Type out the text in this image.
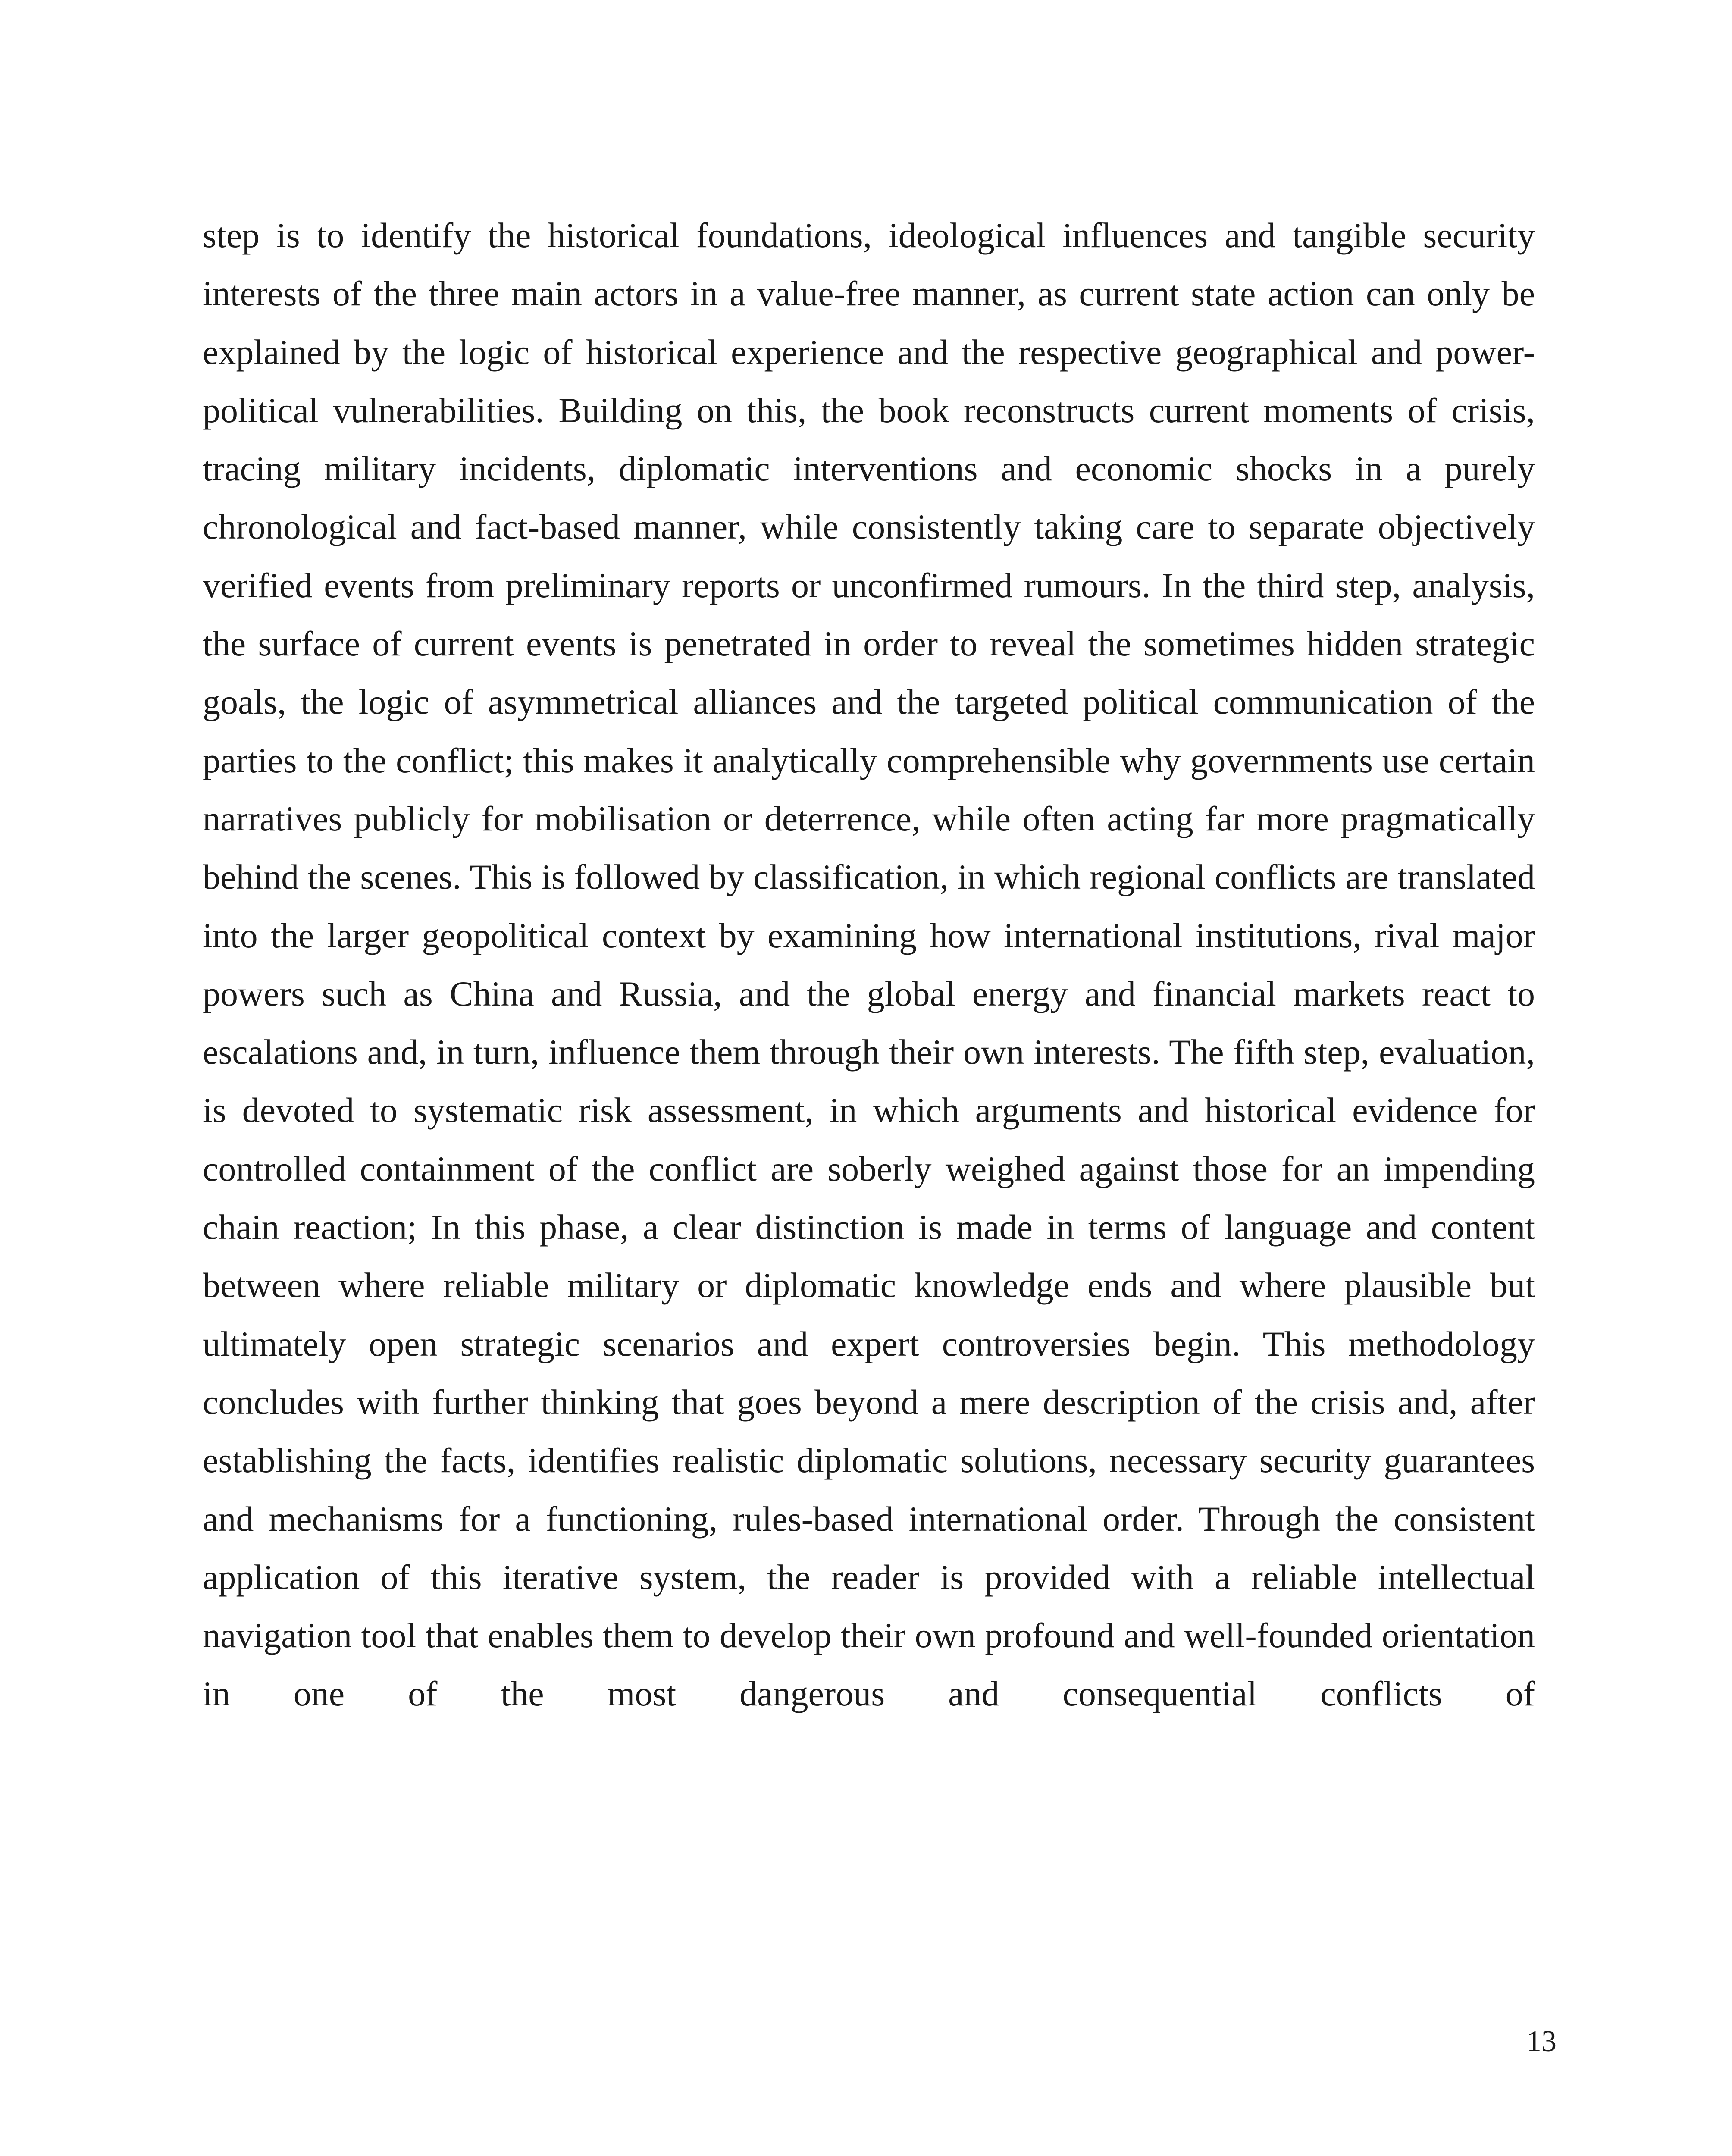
step is to identify the historical foundations, ideological influences and tangible security interests of the three main actors in a value-free manner, as current state action can only be explained by the logic of historical experience and the respective geographical and power-political vulnerabilities. Building on this, the book reconstructs current moments of crisis, tracing military incidents, diplomatic interventions and economic shocks in a purely chronological and fact-based manner, while consistently taking care to separate objectively verified events from preliminary reports or unconfirmed rumours. In the third step, analysis, the surface of current events is penetrated in order to reveal the sometimes hidden strategic goals, the logic of asymmetrical alliances and the targeted political communication of the parties to the conflict; this makes it analytically comprehensible why governments use certain narratives publicly for mobilisation or deterrence, while often acting far more pragmatically behind the scenes. This is followed by classification, in which regional conflicts are translated into the larger geopolitical context by examining how international institutions, rival major powers such as China and Russia, and the global energy and financial markets react to escalations and, in turn, influence them through their own interests. The fifth step, evaluation, is devoted to systematic risk assessment, in which arguments and historical evidence for controlled containment of the conflict are soberly weighed against those for an impending chain reaction; In this phase, a clear distinction is made in terms of language and content between where reliable military or diplomatic knowledge ends and where plausible but ultimately open strategic scenarios and expert controversies begin. This methodology concludes with further thinking that goes beyond a mere description of the crisis and, after establishing the facts, identifies realistic diplomatic solutions, necessary security guarantees and mechanisms for a functioning, rules-based international order. Through the consistent application of this iterative system, the reader is provided with a reliable intellectual navigation tool that enables them to develop their own profound and well-founded orientation in one of the most dangerous and consequential conflicts of

13
